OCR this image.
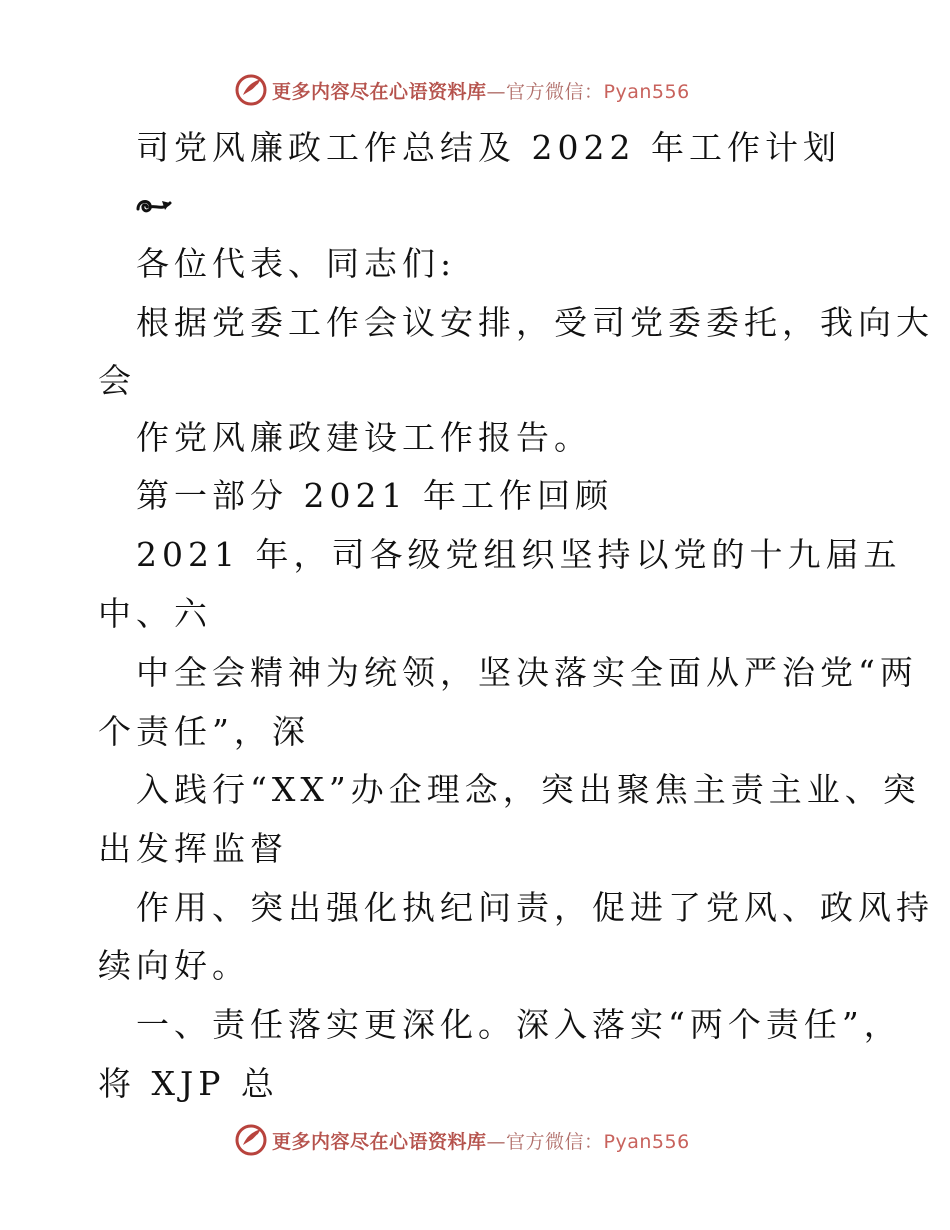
更多内容尽在心语资料库—官方微信：Pyan556
司党风廉政工作总结及 2022 年工作计划
各位代表、同志们:
根据党委工作会议安排，受司党委委托，我向大
会
作党风廉政建设工作报告。
第一部分 2021 年工作回顾
2021 年，司各级党组织坚持以党的十九届五
中、六
中全会精神为统领，坚决落实全面从严治党“两
个责任”，深
入践行“XX”办企理念，突出聚焦主责主业、突
出发挥监督
作用、突出强化执纪问责，促进了党风、政风持
续向好。
一、责任落实更深化。深入落实“两个责任”，
将 XJP 总
更多内容尽在心语资料库—官方微信：Pyan556
